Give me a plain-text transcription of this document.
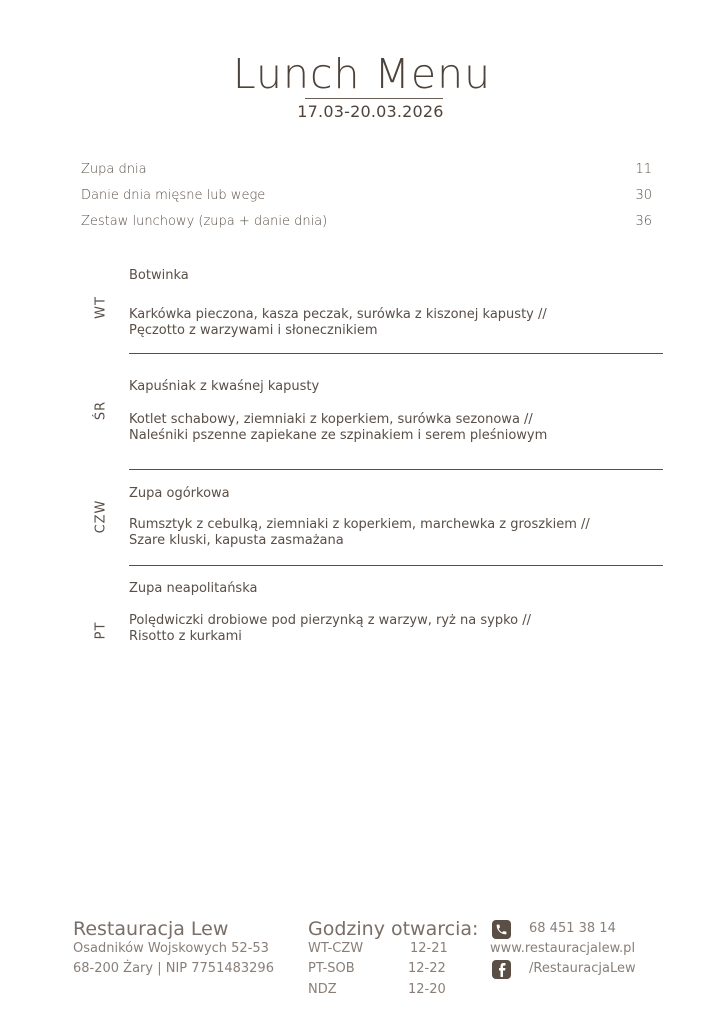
Lunch Menu
17.03-20.03.2026
Zupa dnia	11
Danie dnia mięsne lub wege	30
Zestaw lunchowy (zupa + danie dnia)	36
WT
Botwinka
Karkówka pieczona, kasza peczak, surówka z kiszonej kapusty //
Pęczotto z warzywami i słonecznikiem
ŚR
Kapuśniak z kwaśnej kapusty
Kotlet schabowy, ziemniaki z koperkiem, surówka sezonowa //
Naleśniki pszenne zapiekane ze szpinakiem i serem pleśniowym
CZW
Zupa ogórkowa
Rumsztyk z cebulką, ziemniaki z koperkiem, marchewka z groszkiem //
Szare kluski, kapusta zasmażana
PT
Zupa neapolitańska
Polędwiczki drobiowe pod pierzynką z warzyw, ryż na sypko //
Risotto z kurkami
Restauracja Lew
Osadników Wojskowych 52-53
68-200 Żary | NIP 7751483296
Godziny otwarcia:
WT-CZW	12-21
PT-SOB	12-22
NDZ	12-20
68 451 38 14
www.restauracjalew.pl
/RestauracjaLew
